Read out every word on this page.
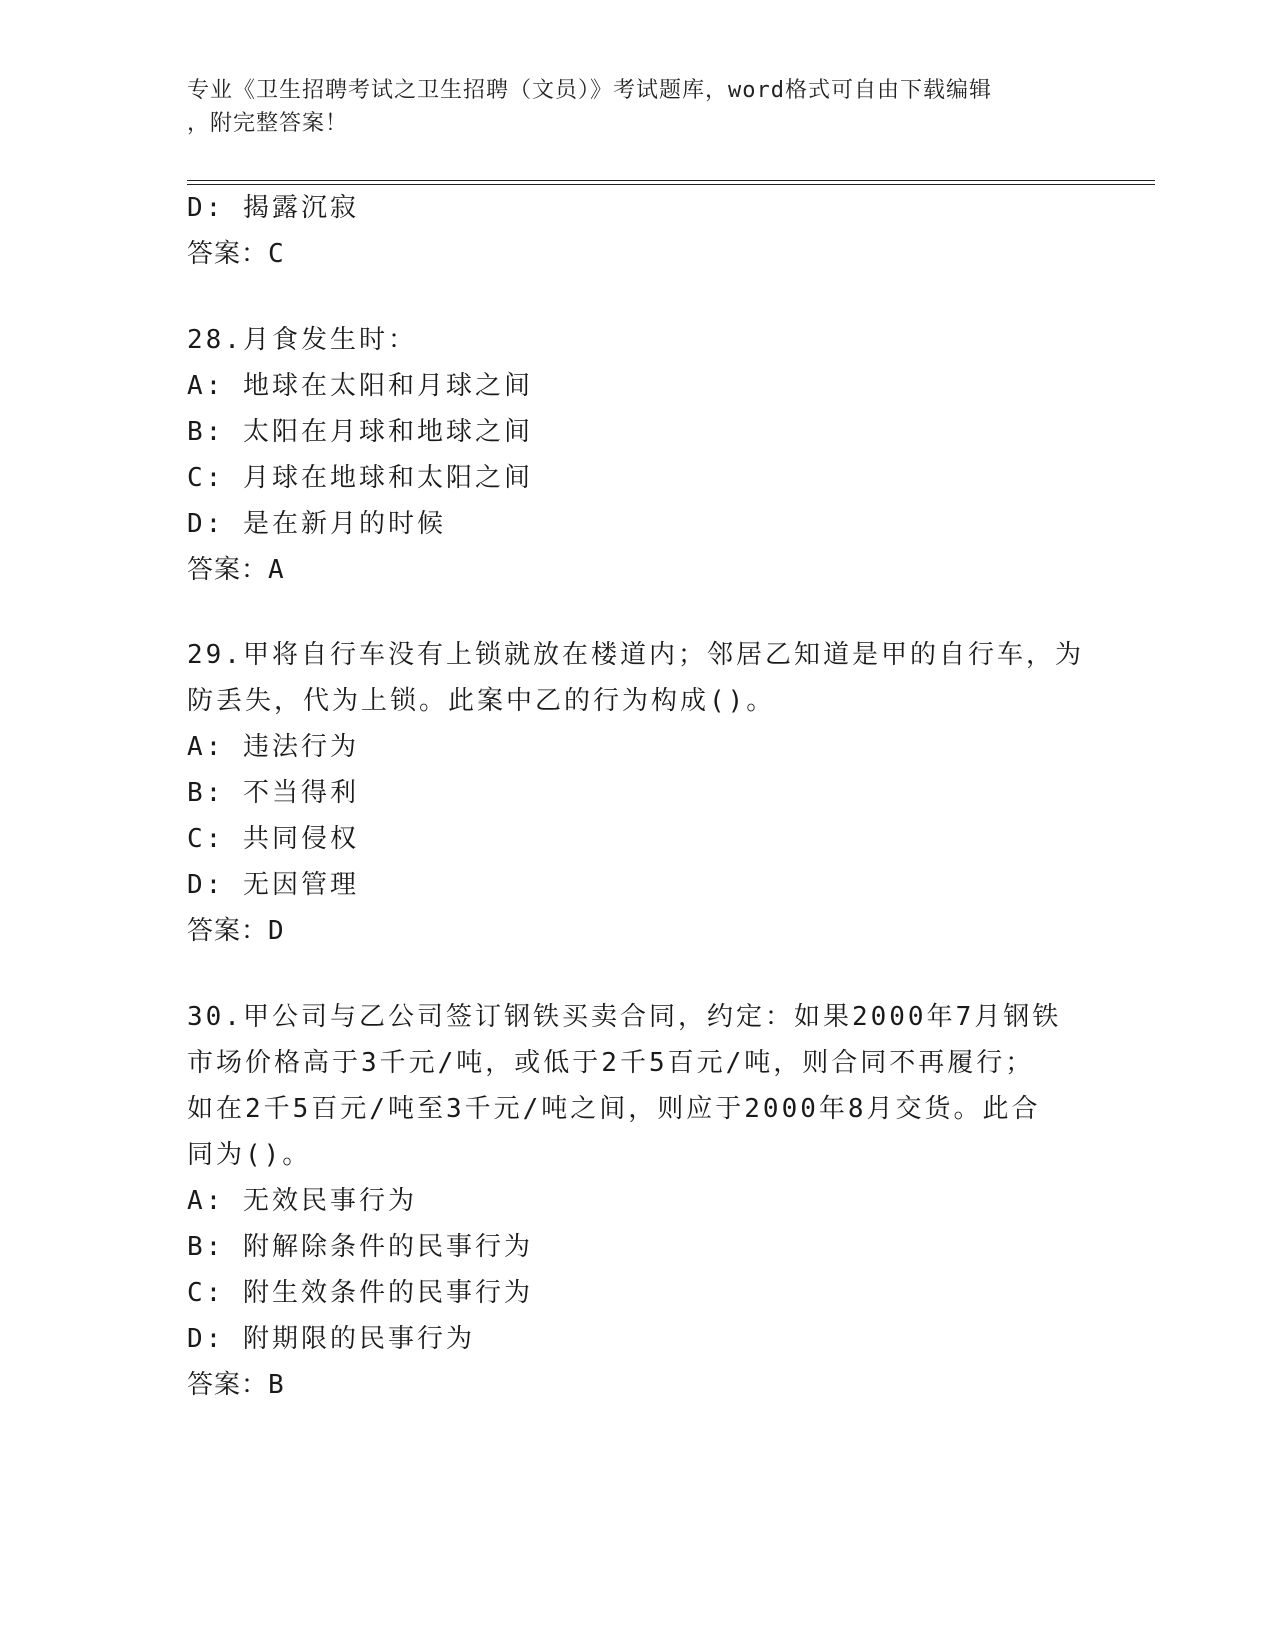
专业《卫生招聘考试之卫生招聘（文员）》考试题库，word格式可自由下载编辑
，附完整答案！

D: 揭露沉寂

答案：C

28.月食发生时：

A: 地球在太阳和月球之间

B: 太阳在月球和地球之间

C: 月球在地球和太阳之间

D: 是在新月的时候

答案：A

29.甲将自行车没有上锁就放在楼道内；邻居乙知道是甲的自行车，为

防丢失，代为上锁。此案中乙的行为构成()。

A: 违法行为

B: 不当得利

C: 共同侵权

D: 无因管理

答案：D

30.甲公司与乙公司签订钢铁买卖合同，约定：如果2000年7月钢铁

市场价格高于3千元/吨，或低于2千5百元/吨，则合同不再履行；

如在2千5百元/吨至3千元/吨之间，则应于2000年8月交货。此合

同为()。

A: 无效民事行为

B: 附解除条件的民事行为

C: 附生效条件的民事行为

D: 附期限的民事行为

答案：B
